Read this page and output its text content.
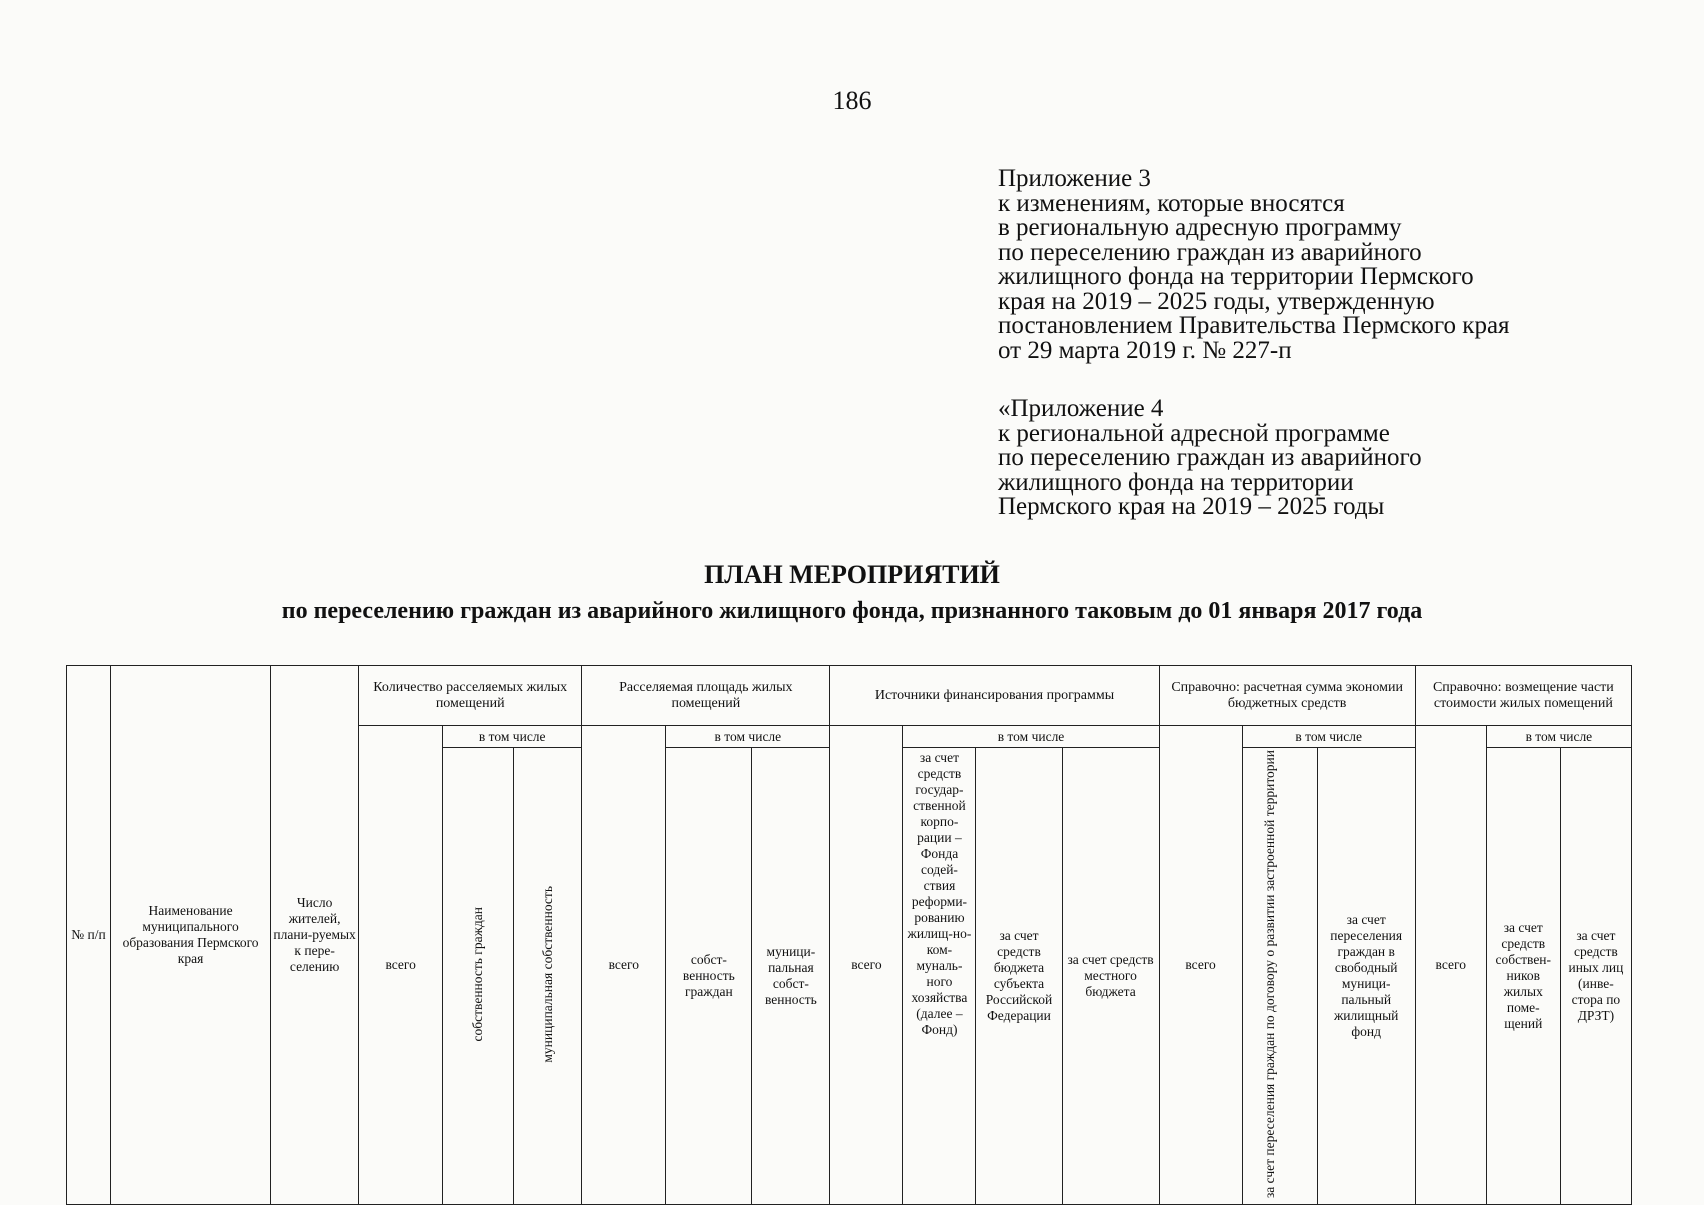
186
Приложение 3
к изменениям, которые вносятся
в региональную адресную программу
по переселению граждан из аварийного
жилищного фонда на территории Пермского
края на 2019 – 2025 годы, утвержденную
постановлением Правительства Пермского края
от 29 марта 2019 г. № 227-п
«Приложение 4
к региональной адресной программе
по переселению граждан из аварийного
жилищного фонда на территории
Пермского края на 2019 – 2025 годы
ПЛАН МЕРОПРИЯТИЙ
по переселению граждан из аварийного жилищного фонда, признанного таковым до 01 января 2017 года
№ п/п	Наименование муниципального образования Пермского края	Число жителей, плани-руемых к пере-селению	Количество расселяемых жилых помещений			Расселяемая площадь жилых помещений			Источники финансирования программы				Справочно: расчетная сумма экономии бюджетных средств			Справочно: возмещение части стоимости жилых помещений		
			всего	в том числе		всего	в том числе		всего	в том числе			всего	в том числе		всего	в том числе	
				собственность граждан	муниципальная собственность		собст-венность граждан	муници-пальная собст-венность		за счет средств государ-ственной корпо-рации – Фонда содей-ствия реформи-рованию жилищ-но-ком-муналь-ного хозяйства (далее – Фонд)	за счет средств бюджета субъекта Российской Федерации	за счет средств местного бюджета		за счет переселения граждан по договору о развитии застроенной территории	за счет переселения граждан в свободный муници-пальный жилищный фонд		за счет средств собствен-ников жилых поме-щений	за счет средств иных лиц (инве-стора по ДРЗТ)
